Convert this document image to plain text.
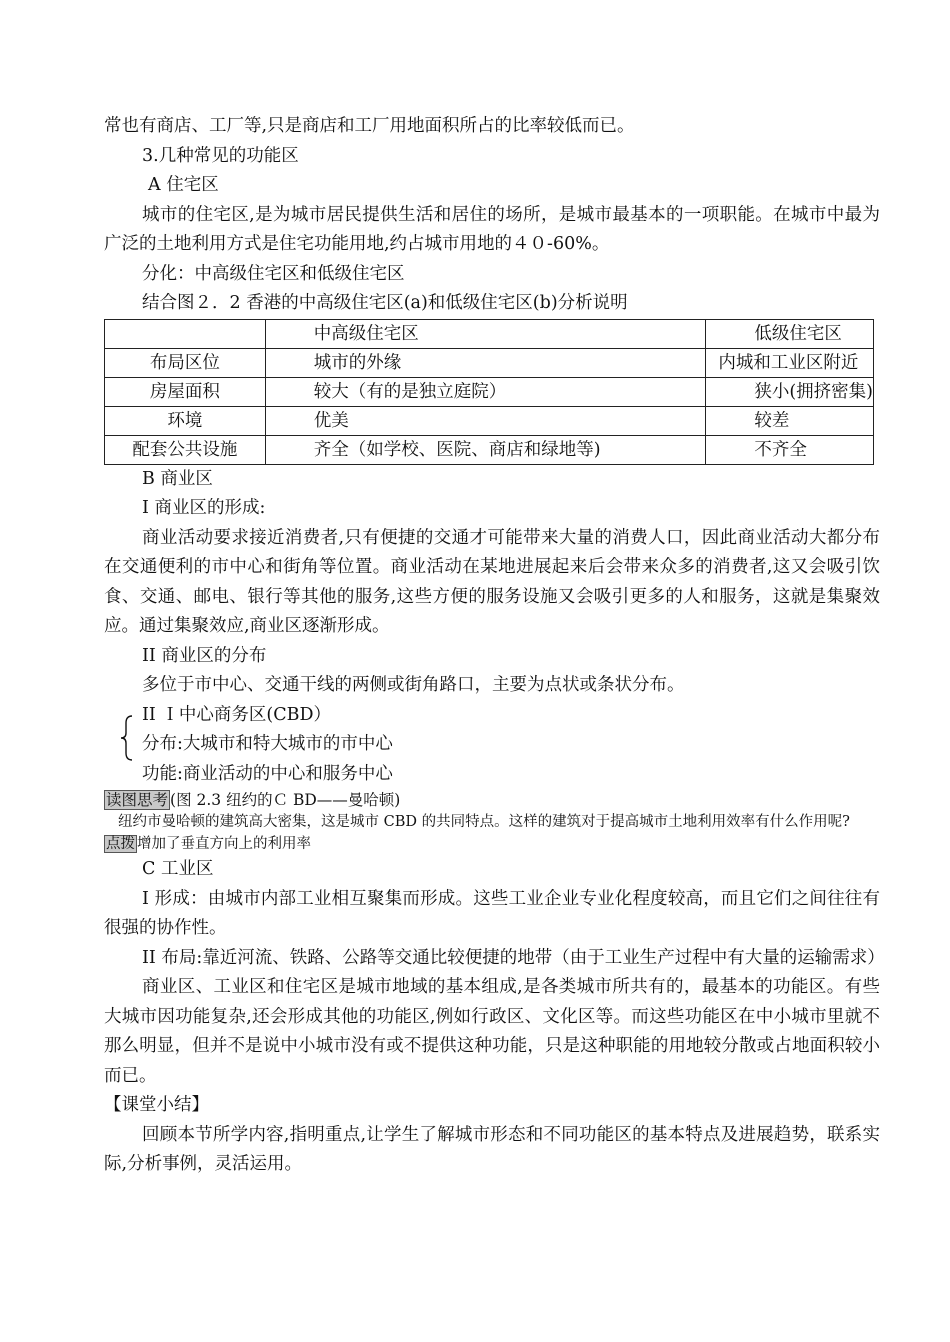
常也有商店、工厂等,只是商店和工厂用地面积所占的比率较低而已。
3.几种常见的功能区
A 住宅区
城市的住宅区,是为城市居民提供生活和居住的场所，是城市最基本的一项职能。在城市中最为广泛的土地利用方式是住宅功能用地,约占城市用地的４０-60%。
分化：中高级住宅区和低级住宅区
结合图２．2 香港的中高级住宅区(a)和低级住宅区(b)分析说明
	中高级住宅区	低级住宅区
布局区位	城市的外缘	内城和工业区附近
房屋面积	较大（有的是独立庭院）	狭小(拥挤密集)
环境	优美	较差
配套公共设施	齐全（如学校、医院、商店和绿地等)	不齐全
B 商业区
I 商业区的形成:
商业活动要求接近消费者,只有便捷的交通才可能带来大量的消费人口，因此商业活动大都分布在交通便利的市中心和街角等位置。商业活动在某地进展起来后会带来众多的消费者,这又会吸引饮食、交通、邮电、银行等其他的服务,这些方便的服务设施又会吸引更多的人和服务，这就是集聚效应。通过集聚效应,商业区逐渐形成。
II 商业区的分布
多位于市中心、交通干线的两侧或街角路口，主要为点状或条状分布。
II Ｉ中心商务区(CBD）
分布:大城市和特大城市的市中心
功能:商业活动的中心和服务中心
读图思考 (图 2.3 纽约的Ｃ BD——曼哈顿)
纽约市曼哈顿的建筑高大密集，这是城市 CBD 的共同特点。这样的建筑对于提高城市土地利用效率有什么作用呢?
点拨 增加了垂直方向上的利用率
C 工业区
I 形成：由城市内部工业相互聚集而形成。这些工业企业专业化程度较高，而且它们之间往往有很强的协作性。
II 布局:靠近河流、铁路、公路等交通比较便捷的地带（由于工业生产过程中有大量的运输需求）
商业区、工业区和住宅区是城市地域的基本组成,是各类城市所共有的，最基本的功能区。有些大城市因功能复杂,还会形成其他的功能区,例如行政区、文化区等。而这些功能区在中小城市里就不那么明显，但并不是说中小城市没有或不提供这种功能，只是这种职能的用地较分散或占地面积较小而已。
【课堂小结】
回顾本节所学内容,指明重点,让学生了解城市形态和不同功能区的基本特点及进展趋势，联系实际,分析事例，灵活运用。
